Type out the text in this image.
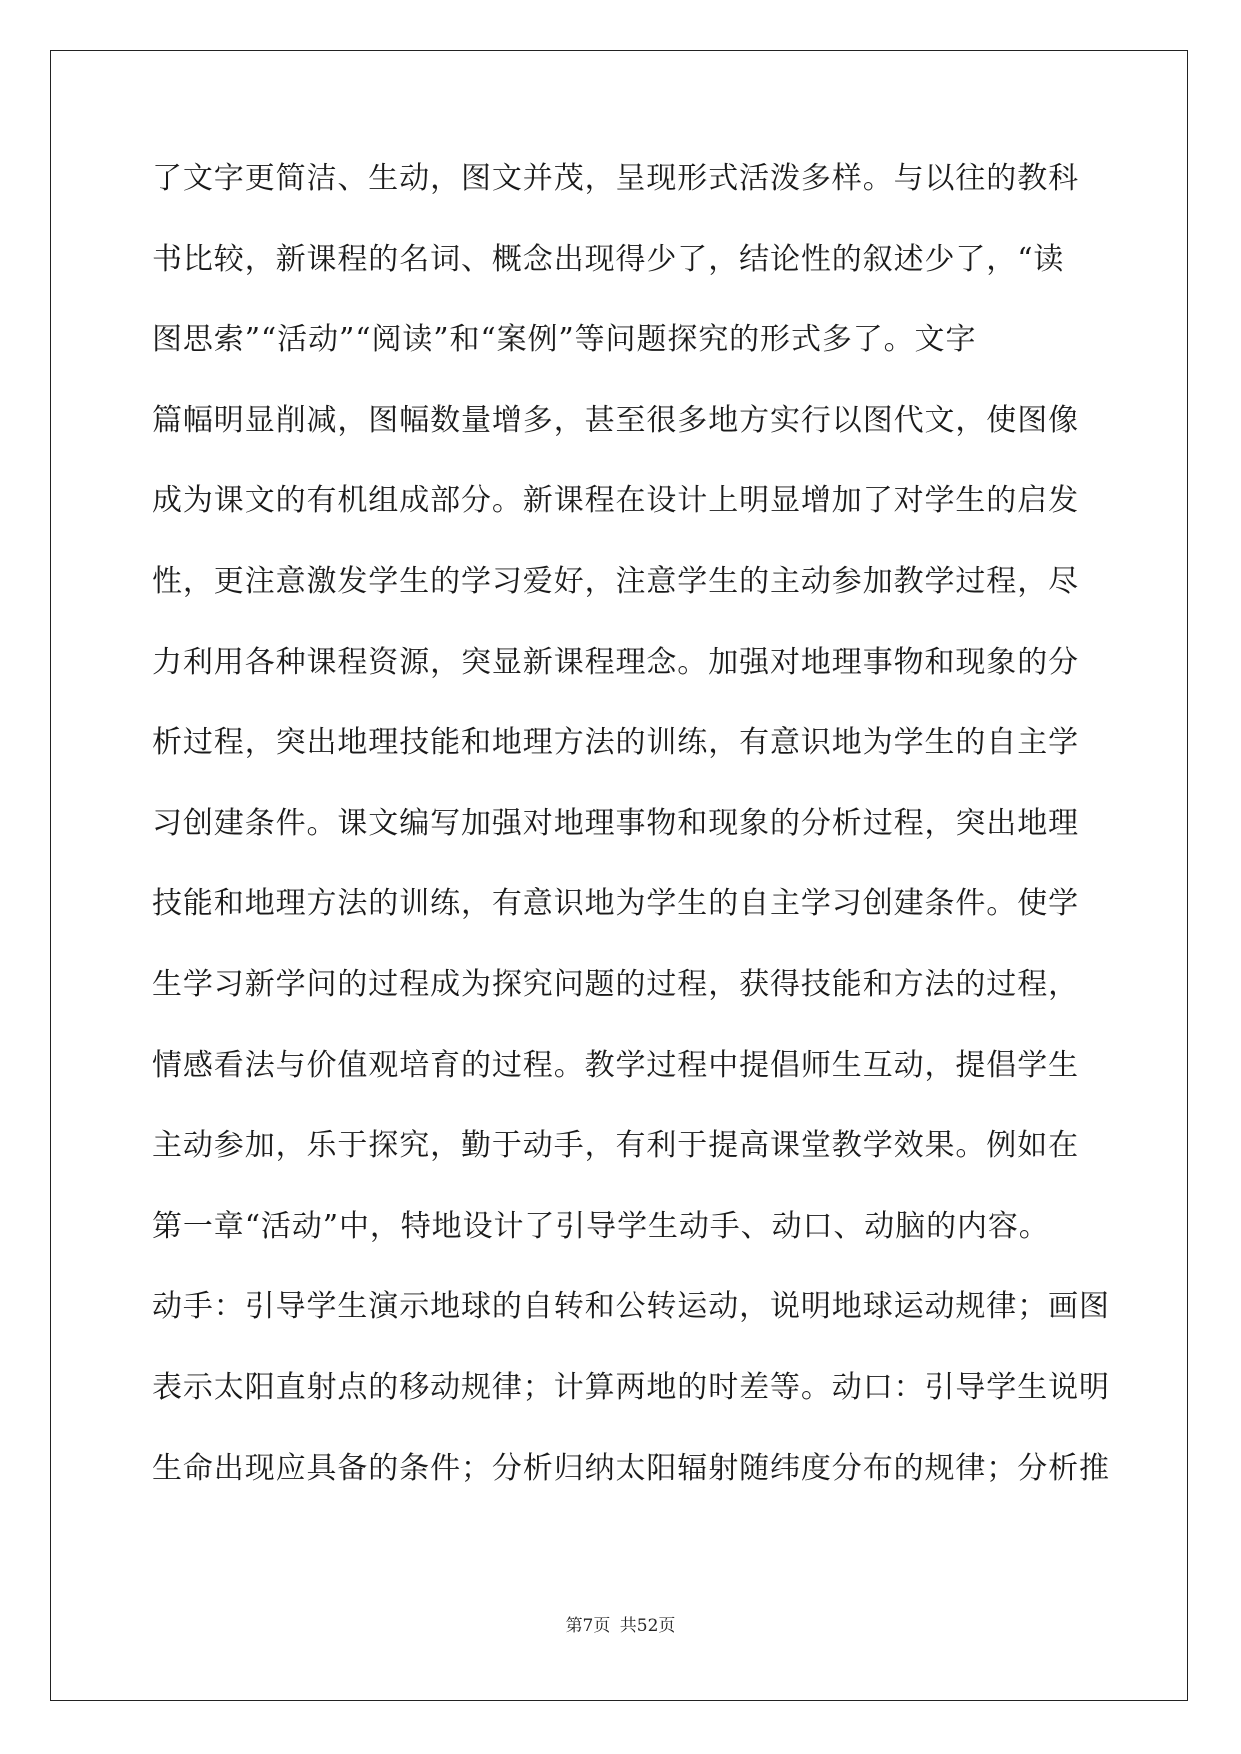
了文字更简洁、生动，图文并茂，呈现形式活泼多样。与以往的教科
书比较，新课程的名词、概念出现得少了，结论性的叙述少了，“读
图思索”“活动”“阅读”和“案例”等问题探究的形式多了。文字
篇幅明显削减，图幅数量增多，甚至很多地方实行以图代文，使图像
成为课文的有机组成部分。新课程在设计上明显增加了对学生的启发
性，更注意激发学生的学习爱好，注意学生的主动参加教学过程，尽
力利用各种课程资源，突显新课程理念。加强对地理事物和现象的分
析过程，突出地理技能和地理方法的训练，有意识地为学生的自主学
习创建条件。课文编写加强对地理事物和现象的分析过程，突出地理
技能和地理方法的训练，有意识地为学生的自主学习创建条件。使学
生学习新学问的过程成为探究问题的过程，获得技能和方法的过程，
情感看法与价值观培育的过程。教学过程中提倡师生互动，提倡学生
主动参加，乐于探究，勤于动手，有利于提高课堂教学效果。例如在
第一章“活动”中，特地设计了引导学生动手、动口、动脑的内容。
动手：引导学生演示地球的自转和公转运动，说明地球运动规律；画图
表示太阳直射点的移动规律；计算两地的时差等。动口：引导学生说明
生命出现应具备的条件；分析归纳太阳辐射随纬度分布的规律；分析推
第7页 共52页
